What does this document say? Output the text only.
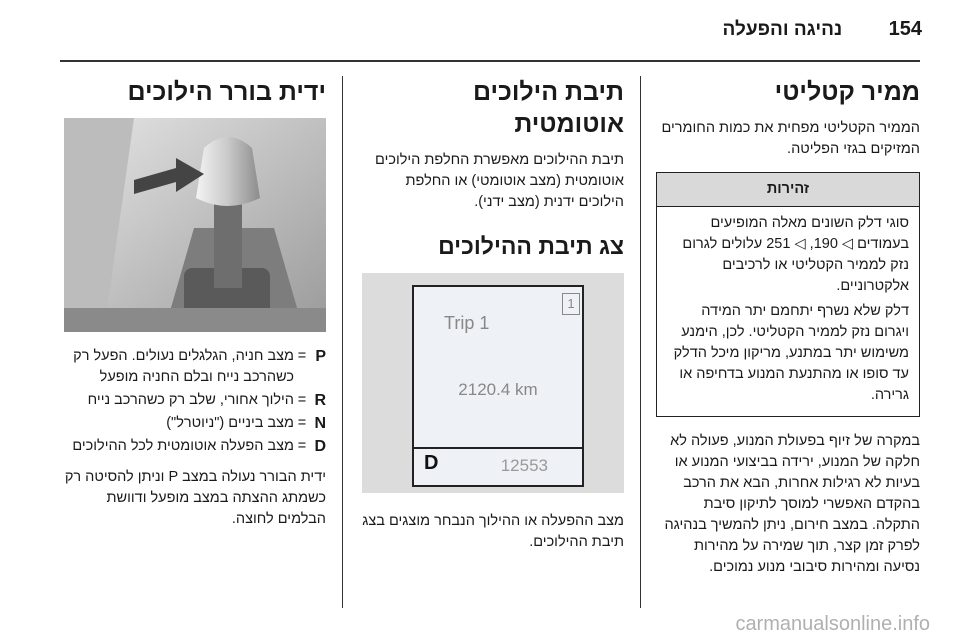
154 נהיגה והפעלה
ממיר קטליטי

הממיר הקטליטי מפחית את כמות החומרים המזיקים בגזי הפליטה.

זהירות

סוגי דלק השונים מאלה המופיעים בעמודים ◁ 190, ◁ 251 עלולים לגרום נזק לממיר הקטליטי או לרכיבים אלקטרוניים.

דלק שלא נשרף יתחמם יתר המידה ויגרום נזק לממיר הקטליטי. לכן, הימנע משימוש יתר במתנע, מריקון מיכל הדלק עד סופו או מהתנעת המנוע בדחיפה או גרירה.

במקרה של זיוף בפעולת המנוע, פעולה לא חלקה של המנוע, ירידה בביצועי המנוע או בעיות לא רגילות אחרות, הבא את הרכב בהקדם האפשרי למוסך לתיקון סיבת התקלה. במצב חירום, ניתן להמשיך בנהיגה לפרק זמן קצר, תוך שמירה על מהירות נסיעה ומהירות סיבובי מנוע נמוכים.

תיבת הילוכים אוטומטית

תיבת ההילוכים מאפשרת החלפת הילוכים אוטומטית (מצב אוטומטי) או החלפת הילוכים ידנית (מצב ידני).

צג תיבת ההילוכים
1
Trip 1
2120.4 km
D	12553

מצב ההפעלה או ההילוך הנבחר מוצגים בצג תיבת ההילוכים.

ידית בורר הילוכים
P
=
מצב חניה, הגלגלים נעולים. הפעל רק כשהרכב נייח ובלם החניה מופעל
R
=
הילוך אחורי, שלב רק כשהרכב נייח
N
=
מצב ביניים ("ניוטרל")
D
=
מצב הפעלה אוטומטית לכל ההילוכים

ידית הבורר נעולה במצב P וניתן להסיטה רק כשמתג ההצתה במצב מופעל ודוושת הבלמים לחוצה.

carmanualsonline.info
